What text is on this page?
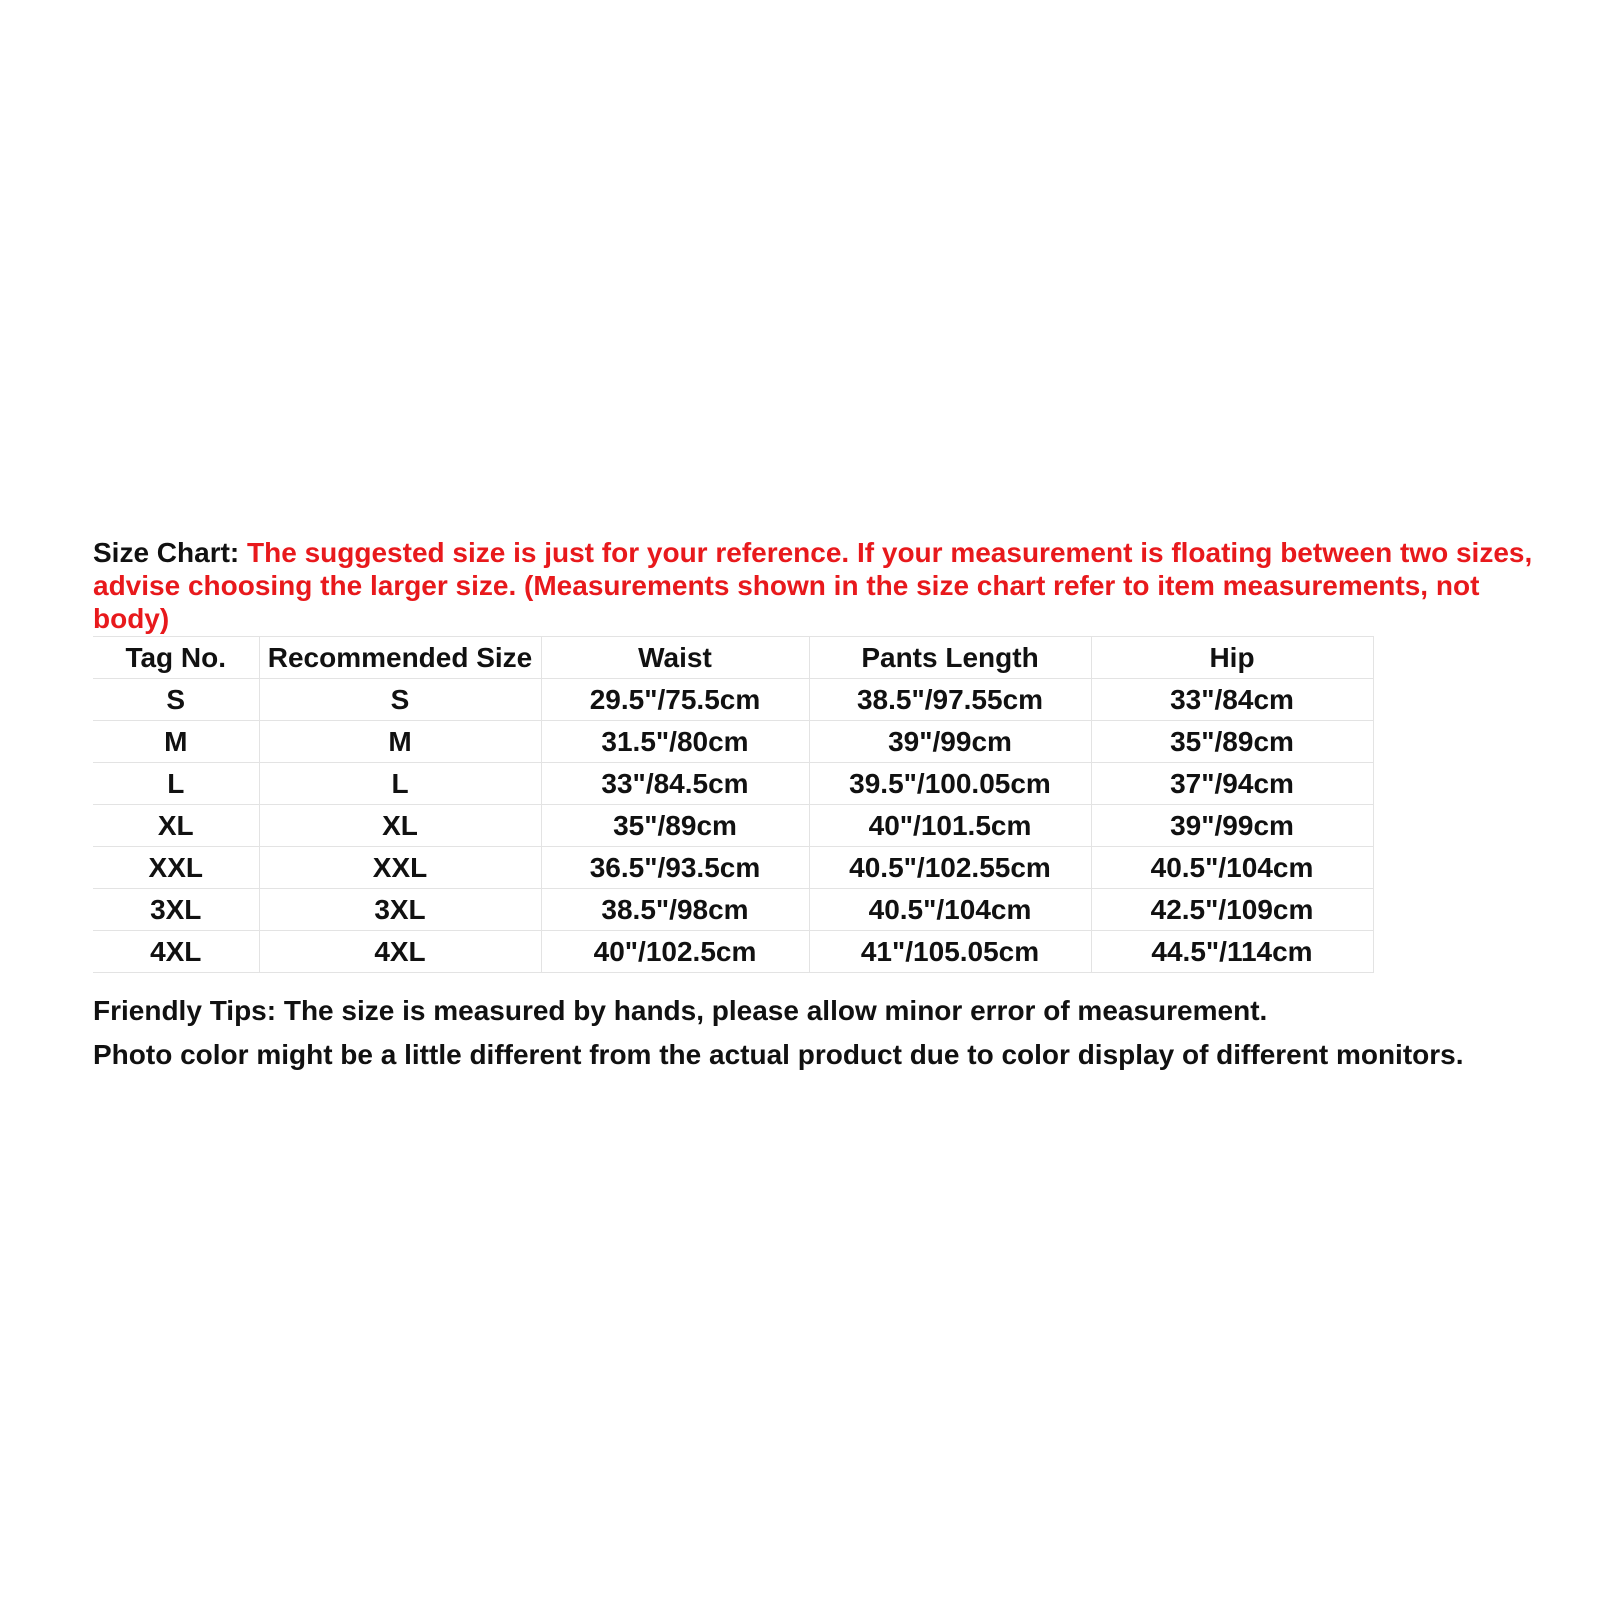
Size Chart: The suggested size is just for your reference. If your measurement is floating between two sizes, advise choosing the larger size. (Measurements shown in the size chart refer to item measurements, not body)

Tag No.	Recommended Size	Waist	Pants Length	Hip
S	S	29.5"/75.5cm	38.5"/97.55cm	33"/84cm
M	M	31.5"/80cm	39"/99cm	35"/89cm
L	L	33"/84.5cm	39.5"/100.05cm	37"/94cm
XL	XL	35"/89cm	40"/101.5cm	39"/99cm
XXL	XXL	36.5"/93.5cm	40.5"/102.55cm	40.5"/104cm
3XL	3XL	38.5"/98cm	40.5"/104cm	42.5"/109cm
4XL	4XL	40"/102.5cm	41"/105.05cm	44.5"/114cm

Friendly Tips: The size is measured by hands, please allow minor error of measurement.

Photo color might be a little different from the actual product due to color display of different monitors.
